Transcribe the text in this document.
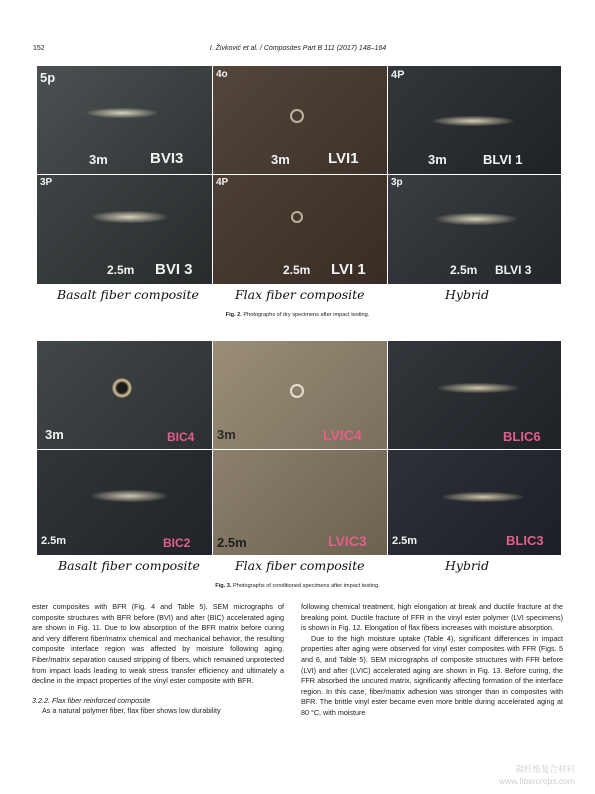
152	I. Živković et al. / Composites Part B 111 (2017) 148–164
5p
3m	BVI3
4o
3m	LVI1
4P
3m	BLVI 1
3P
2.5m BVI 3
4P
2.5m LVI 1
3p
2.5m BLVI 3
Basalt fiber composite	Flax fiber composite	Hybrid
Fig. 2. Photographs of dry specimens after impact testing.
3m	BIC4 3m	LVIC4	BLIC6
2.5m	BIC2 2.5m	LVIC3 2.5m	BLIC3
Basalt fiber composite	Flax fiber composite	Hybrid
Fig. 3. Photographs of conditioned specimens after impact testing.

ester composites with BFR (Fig. 4 and Table 5). SEM micrographs of composite structures with BFR before (BVI) and after (BIC) accelerated aging are shown in Fig. 11. Due to low absorption of the BFR matrix before curing and very different fiber/matrix chemical and mechanical behavior, the resulting composite interface region was affected by moisture following aging. Fiber/matrix separation caused stripping of fibers, which remained unprotected from impact loads leading to weak stress transfer efficiency and ultimately a decline in the impact properties of the vinyl ester composite with BFR.

3.2.2. Flax fiber reinforced composite

As a natural polymer fiber, flax fiber shows low durability

following chemical treatment, high elongation at break and ductile fracture at the breaking point. Ductile fracture of FFR in the vinyl ester polymer (LVI specimens) is shown in Fig. 12. Elongation of flax fibers increases with moisture absorption.

Due to the high moisture uptake (Table 4), significant differences in impact properties after aging were observed for vinyl ester composites with FFR (Figs. 5 and 6, and Table 5). SEM micrographs of composite structures with FFR before (LVI) and after (LVIC) accelerated aging are shown in Fig. 13. Before curing, the FFR absorbed the uncured matrix, significantly affecting formation of the interface region. In this case, fiber/matrix adhesion was stronger than in composites with BFR. The brittle vinyl ester became even more brittle during accelerated aging at 80 °C, with moisture

碳纤维复合材料
www.fibercrops.com
